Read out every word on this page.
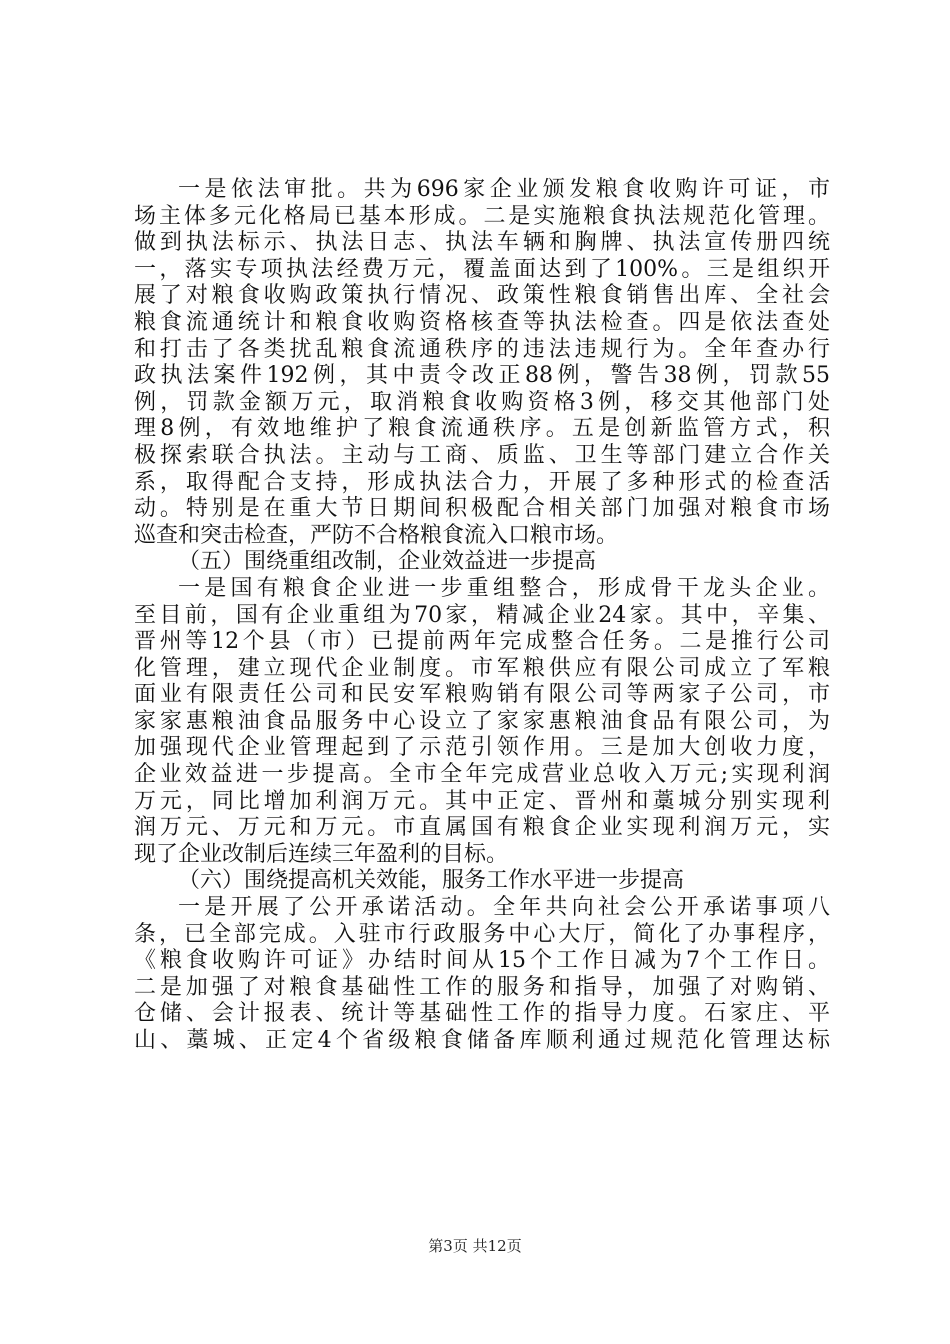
一是依法审批。共为696家企业颁发粮食收购许可证，市
场主体多元化格局已基本形成。二是实施粮食执法规范化管理。
做到执法标示、执法日志、执法车辆和胸牌、执法宣传册四统
一，落实专项执法经费万元，覆盖面达到了100%。三是组织开
展了对粮食收购政策执行情况、政策性粮食销售出库、全社会
粮食流通统计和粮食收购资格核查等执法检查。四是依法查处
和打击了各类扰乱粮食流通秩序的违法违规行为。全年查办行
政执法案件192例，其中责令改正88例，警告38例，罚款55
例，罚款金额万元，取消粮食收购资格3例，移交其他部门处
理8例，有效地维护了粮食流通秩序。五是创新监管方式，积
极探索联合执法。主动与工商、质监、卫生等部门建立合作关
系，取得配合支持，形成执法合力，开展了多种形式的检查活
动。特别是在重大节日期间积极配合相关部门加强对粮食市场
巡查和突击检查，严防不合格粮食流入口粮市场。
（五）围绕重组改制，企业效益进一步提高
一是国有粮食企业进一步重组整合，形成骨干龙头企业。
至目前，国有企业重组为70家，精减企业24家。其中，辛集、
晋州等12个县（市）已提前两年完成整合任务。二是推行公司
化管理，建立现代企业制度。市军粮供应有限公司成立了军粮
面业有限责任公司和民安军粮购销有限公司等两家子公司，市
家家惠粮油食品服务中心设立了家家惠粮油食品有限公司，为
加强现代企业管理起到了示范引领作用。三是加大创收力度，
企业效益进一步提高。全市全年完成营业总收入万元;实现利润
万元，同比增加利润万元。其中正定、晋州和藁城分别实现利
润万元、万元和万元。市直属国有粮食企业实现利润万元，实
现了企业改制后连续三年盈利的目标。
（六）围绕提高机关效能，服务工作水平进一步提高
一是开展了公开承诺活动。全年共向社会公开承诺事项八
条，已全部完成。入驻市行政服务中心大厅，简化了办事程序，
《粮食收购许可证》办结时间从15个工作日减为7个工作日。
二是加强了对粮食基础性工作的服务和指导，加强了对购销、
仓储、会计报表、统计等基础性工作的指导力度。石家庄、平
山、藁城、正定4个省级粮食储备库顺利通过规范化管理达标
第3页 共12页
